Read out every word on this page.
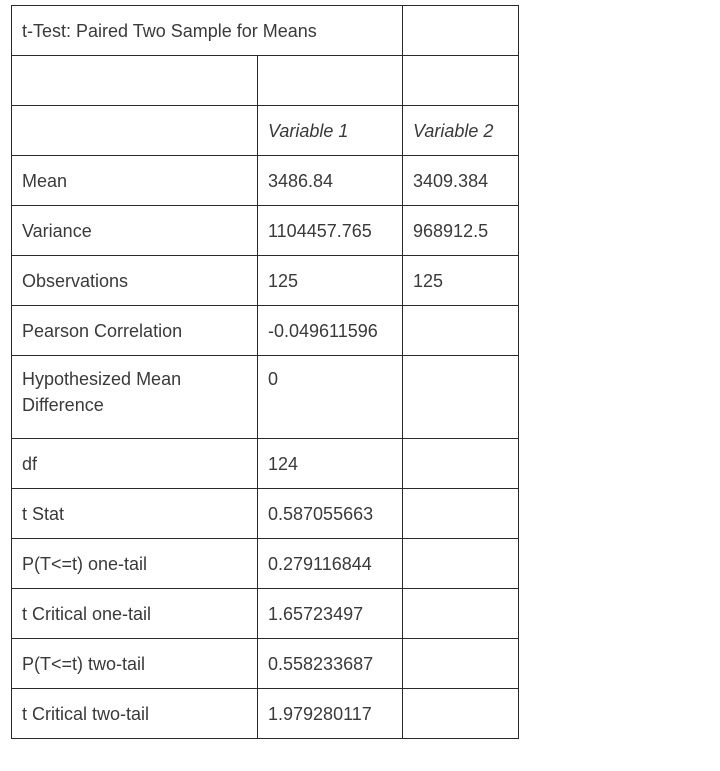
t-Test: Paired Two Sample for Means		

	Variable 1	Variable 2
Mean	3486.84	3409.384
Variance	1104457.765	968912.5
Observations	125	125
Pearson Correlation	-0.049611596	
Hypothesized Mean Difference	0	
df	124	
t Stat	0.587055663	
P(T<=t) one-tail	0.279116844	
t Critical one-tail	1.65723497	
P(T<=t) two-tail	0.558233687	
t Critical two-tail	1.979280117	
